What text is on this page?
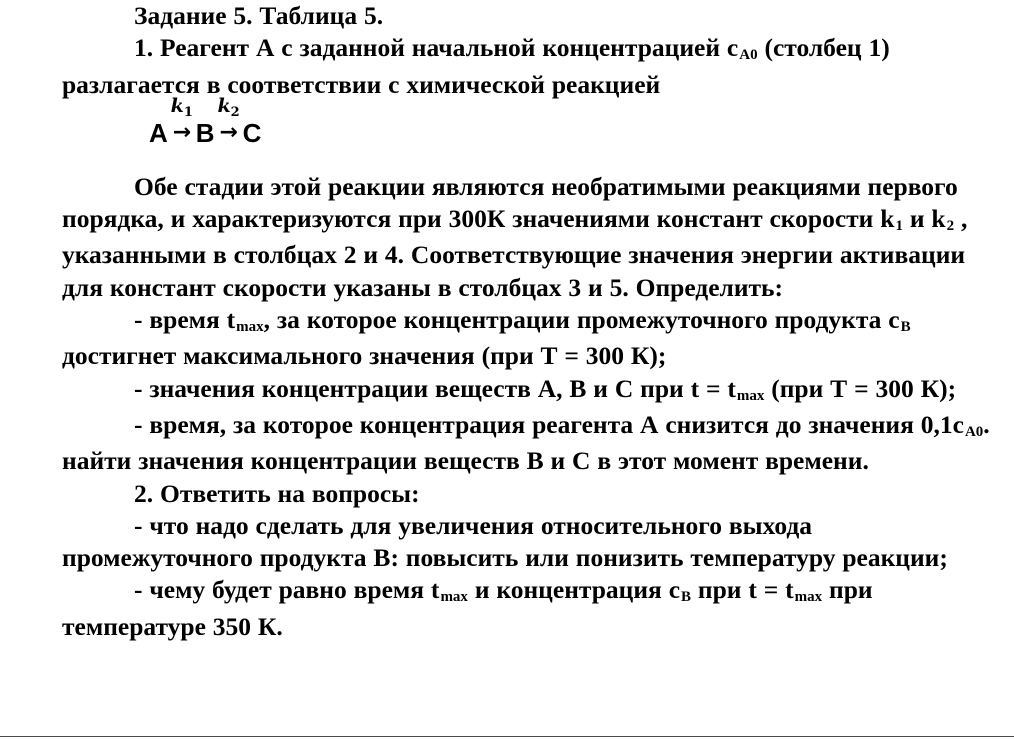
Задание 5. Таблица 5.

1. Реагент А с заданной начальной концентрацией cA0 (столбец 1) разлагается в соответствии с химической реакцией

A
$k_1$
→ B
$k_2$
→ C

Обе стадии этой реакции являются необратимыми реакциями первого порядка, и характеризуются при 300К значениями констант скорости k1 и k2 , указанными в столбцах 2 и 4. Соответствующие значения энергии активации для констант скорости указаны в столбцах 3 и 5. Определить:

- время tmax, за которое концентрации промежуточного продукта cB достигнет максимального значения (при Т = 300 К);

- значения концентрации веществ А, В и С при t = tmax (при Т = 300 К);

- время, за которое концентрация реагента А снизится до значения 0,1cA0. найти значения концентрации веществ В и С в этот момент времени.

2. Ответить на вопросы:

- что надо сделать для увеличения относительного выхода промежуточного продукта В: повысить или понизить температуру реакции;

- чему будет равно время tmax и концентрация cB при t = tmax при температуре 350 К.
